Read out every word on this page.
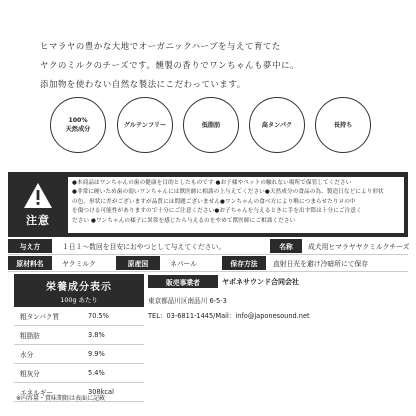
ヒマラヤの豊かな大地でオーガニックハーブを与えて育てた
ヤクのミルクのチーズです。燻製の香りでワンちゃんも夢中に。
添加物を使わない自然な製法にこだわっています。
100%
天然成分
グルテンフリー	低脂肪	高タンパク	長持ち
注意
●本商品はワンちゃんの歯の健康を目的としたものです ●お子様やペットの触れない場所で保管してください
●非常に硬いため歯の弱いワンちゃんには獣医師に相談の上与えてください●天然成分の食品の為、製造日などにより形状
の色、形状に差がございますが品質には問題ございません●ワンちゃんの食べ方により喉につまらせたりロの中
を傷つける可能性がありますので十分にご注意ください●お子ちゃんを与えるときに手を出す際は十分にご注意く
ださい ●ワンちゃんの様子に異常を感じたら与えるのをやめて獣医師にご相談ください
与え方	１日１～数回を目安におやつとして与えてください。	名称	成犬用ヒマラヤヤクミルクチーズ
原材料名	ヤクミルク	原産国	ネパール	保存方法	直射日光を避け冷暗所にて保存
栄養成分表示
100g あたり
粗タンパク質	70.5%
粗脂肪	3.8%
水分	9.9%
粗灰分	5.4%
エネルギー	308kcal
※内容量・賞味期限は表面に記載
販売事業者	ヤポネサウンド合同会社
東京都品川区南品川 6-5-3
TEL：03-6811-1445/Mail：info@japonesound.net
